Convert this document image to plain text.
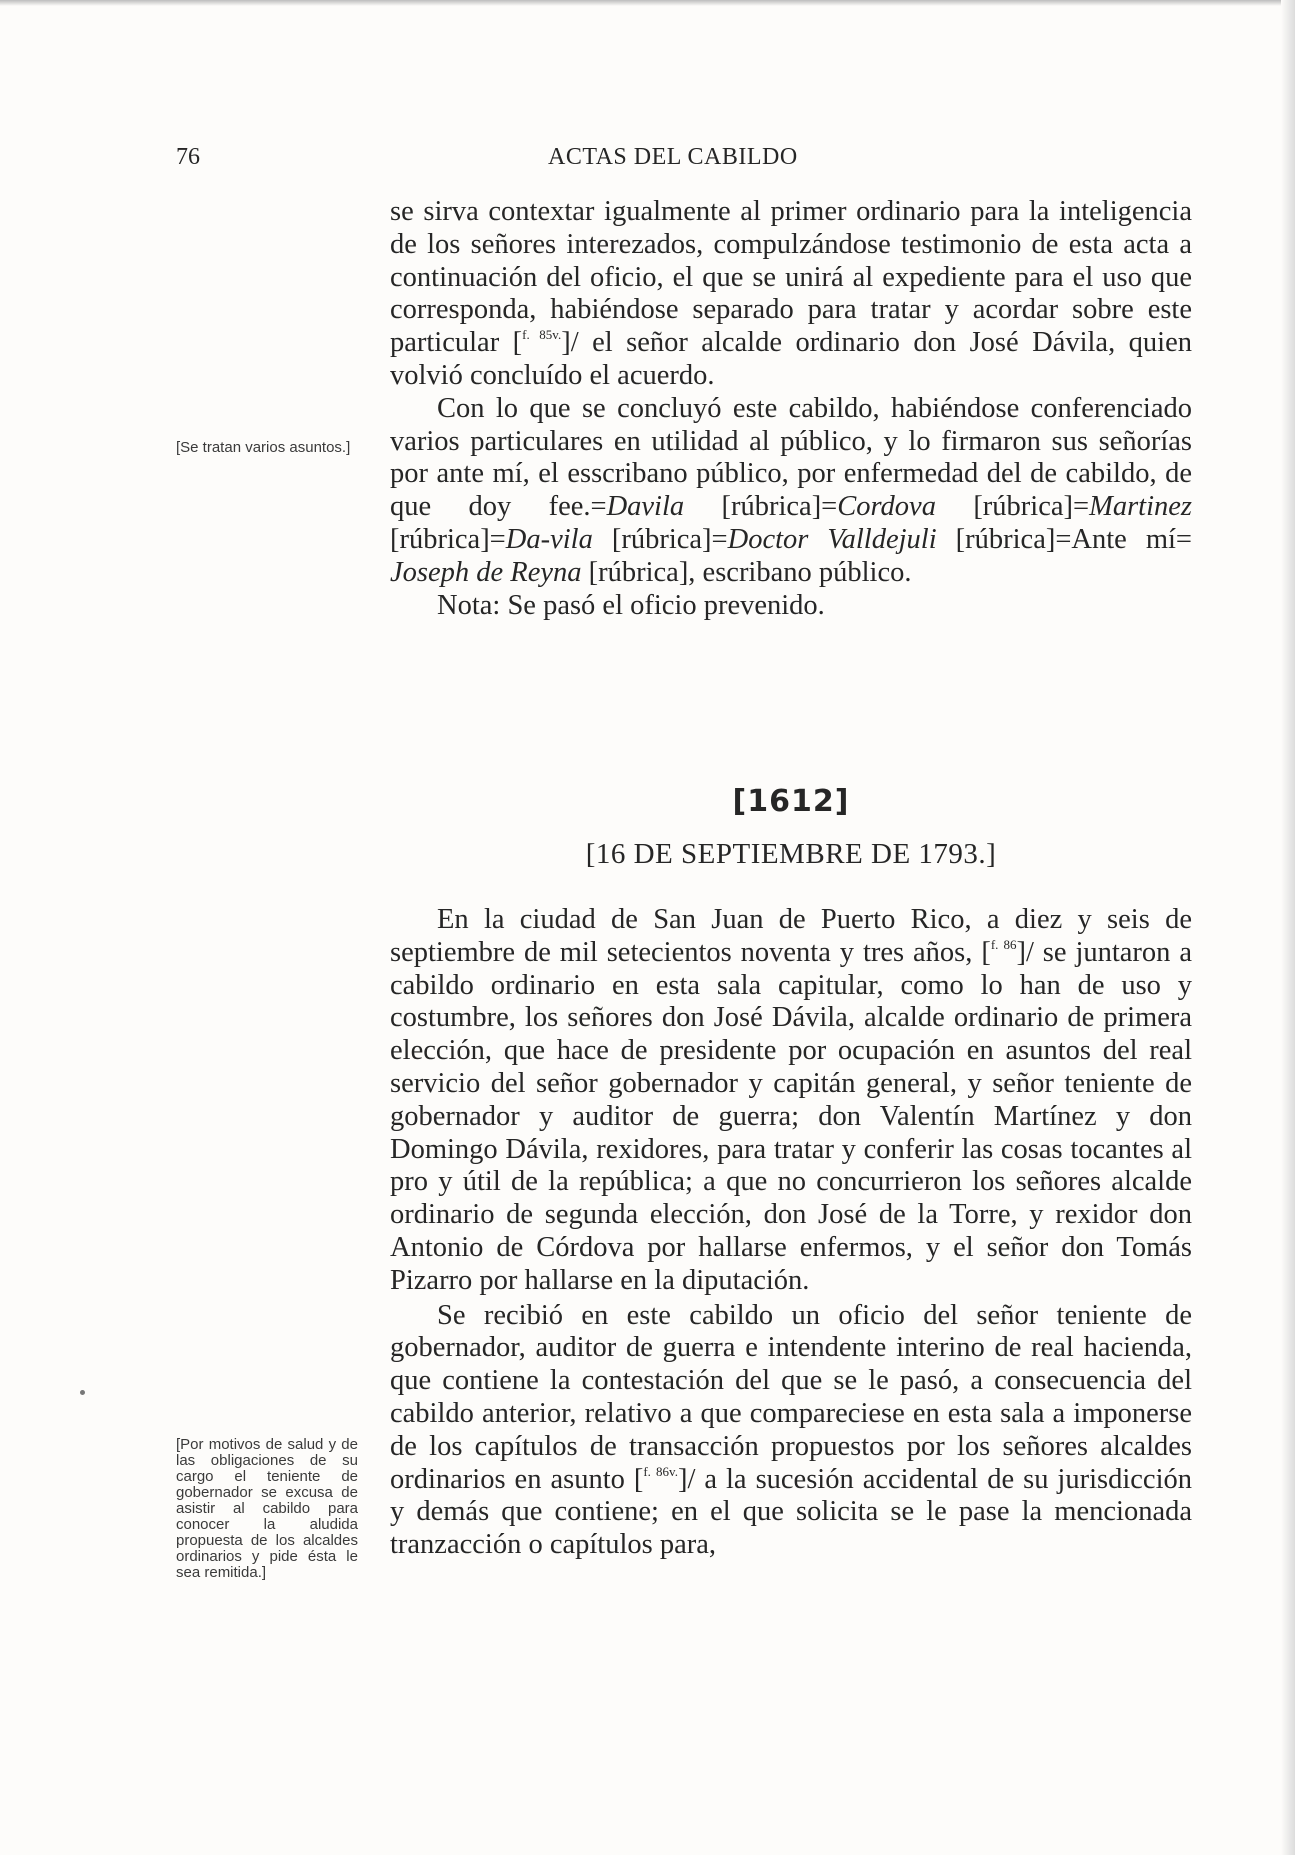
76	ACTAS DEL CABILDO

se sirva contextar igualmente al primer ordinario para la inteligencia de los señores interezados, compulzándose testimonio de esta acta a continuación del oficio, el que se unirá al expediente para el uso que corresponda, habiéndose separado para tratar y acordar sobre este particular [$^{f. 85v.}$]/ el señor alcalde ordinario don José Dávila, quien volvió concluído el acuerdo.

Con lo que se concluyó este cabildo, habiéndose conferenciado varios particulares en utilidad al público, y lo firmaron sus señorías por ante mí, el esscribano público, por enfermedad del de cabildo, de que doy fee.=Davila [rúbrica]=Cordova [rúbrica]=Martinez [rúbrica]=Da-vila [rúbrica]=Doctor Valldejuli [rúbrica]=Ante mí= Joseph de Reyna [rúbrica], escribano público.

Nota: Se pasó el oficio prevenido.

[1612]
[16 DE SEPTIEMBRE DE 1793.]

En la ciudad de San Juan de Puerto Rico, a diez y seis de septiembre de mil setecientos noventa y tres años, [$^{f. 86}$]/ se juntaron a cabildo ordinario en esta sala capitular, como lo han de uso y costumbre, los señores don José Dávila, alcalde ordinario de primera elección, que hace de presidente por ocupación en asuntos del real servicio del señor gobernador y capitán general, y señor teniente de gobernador y auditor de guerra; don Valentín Martínez y don Domingo Dávila, rexidores, para tratar y conferir las cosas tocantes al pro y útil de la república; a que no concurrieron los señores alcalde ordinario de segunda elección, don José de la Torre, y rexidor don Antonio de Córdova por hallarse enfermos, y el señor don Tomás Pizarro por hallarse en la diputación.

Se recibió en este cabildo un oficio del señor teniente de gobernador, auditor de guerra e intendente interino de real hacienda, que contiene la contestación del que se le pasó, a consecuencia del cabildo anterior, relativo a que compareciese en esta sala a imponerse de los capítulos de transacción propuestos por los señores alcaldes ordinarios en asunto [$^{f. 86v.}$]/ a la sucesión accidental de su jurisdicción y demás que contiene; en el que solicita se le pase la mencionada tranzacción o capítulos para,

[Se tratan varios asuntos.]
[Por motivos de salud y de las obligaciones de su cargo el teniente de gobernador se excusa de asistir al cabildo para conocer la aludida propuesta de los alcaldes ordinarios y pide ésta le sea remitida.]
